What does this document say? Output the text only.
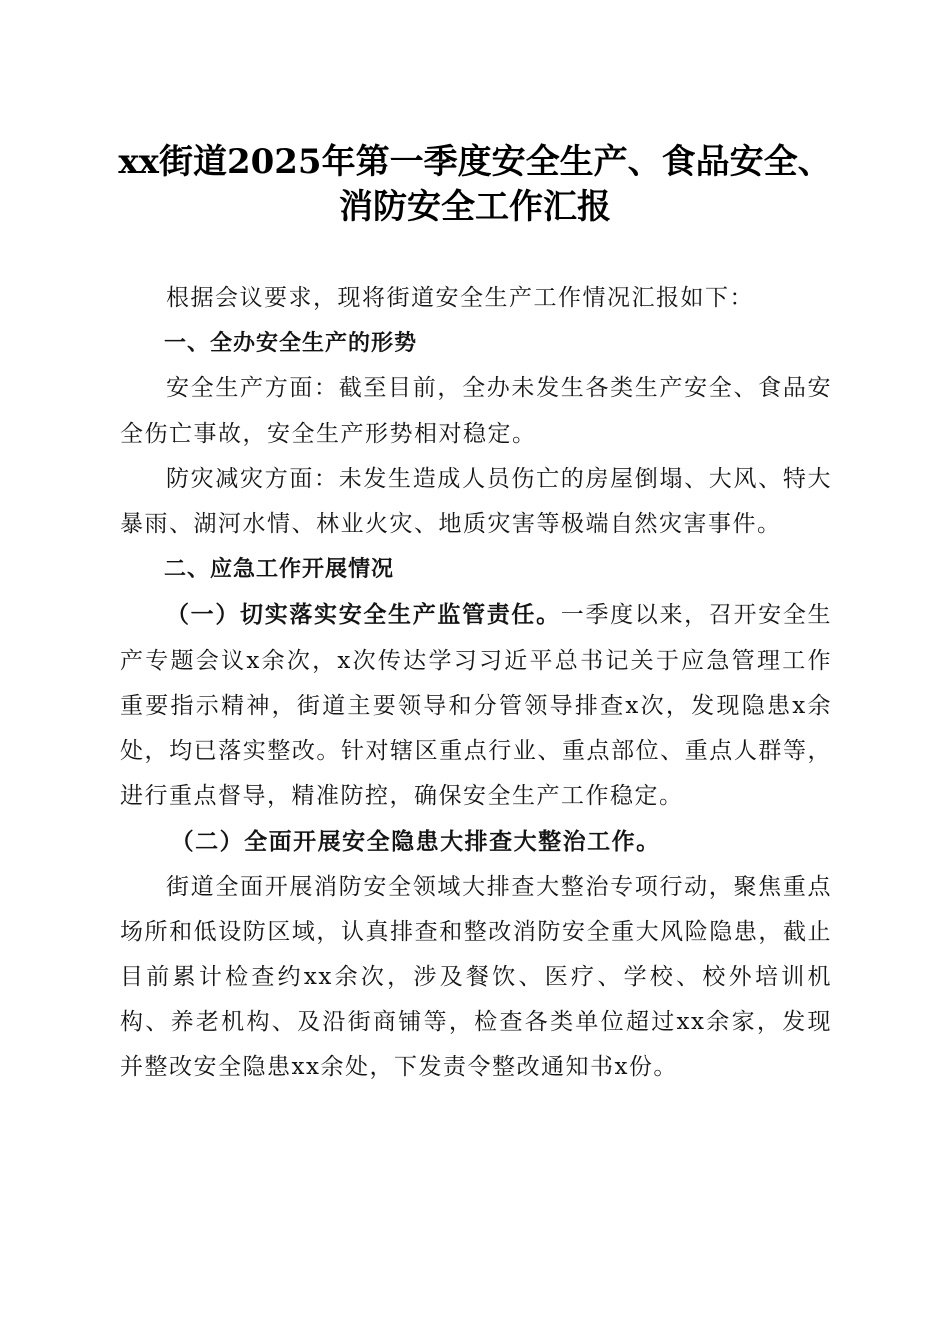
xx街道2025年第一季度安全生产、食品安全、
消防安全工作汇报

根据会议要求，现将街道安全生产工作情况汇报如下：

一、全办安全生产的形势

安全生产方面：截至目前，全办未发生各类生产安全、食品安全伤亡事故，安全生产形势相对稳定。

防灾减灾方面：未发生造成人员伤亡的房屋倒塌、大风、特大暴雨、湖河水情、林业火灾、地质灾害等极端自然灾害事件。

二、应急工作开展情况

（一）切实落实安全生产监管责任。一季度以来，召开安全生产专题会议x余次，x次传达学习习近平总书记关于应急管理工作重要指示精神，街道主要领导和分管领导排查x次，发现隐患x余处，均已落实整改。针对辖区重点行业、重点部位、重点人群等，进行重点督导，精准防控，确保安全生产工作稳定。

（二）全面开展安全隐患大排查大整治工作。

街道全面开展消防安全领域大排查大整治专项行动，聚焦重点场所和低设防区域，认真排查和整改消防安全重大风险隐患，截止目前累计检查约xx余次，涉及餐饮、医疗、学校、校外培训机构、养老机构、及沿街商铺等，检查各类单位超过xx余家，发现并整改安全隐患xx余处，下发责令整改通知书x份。
